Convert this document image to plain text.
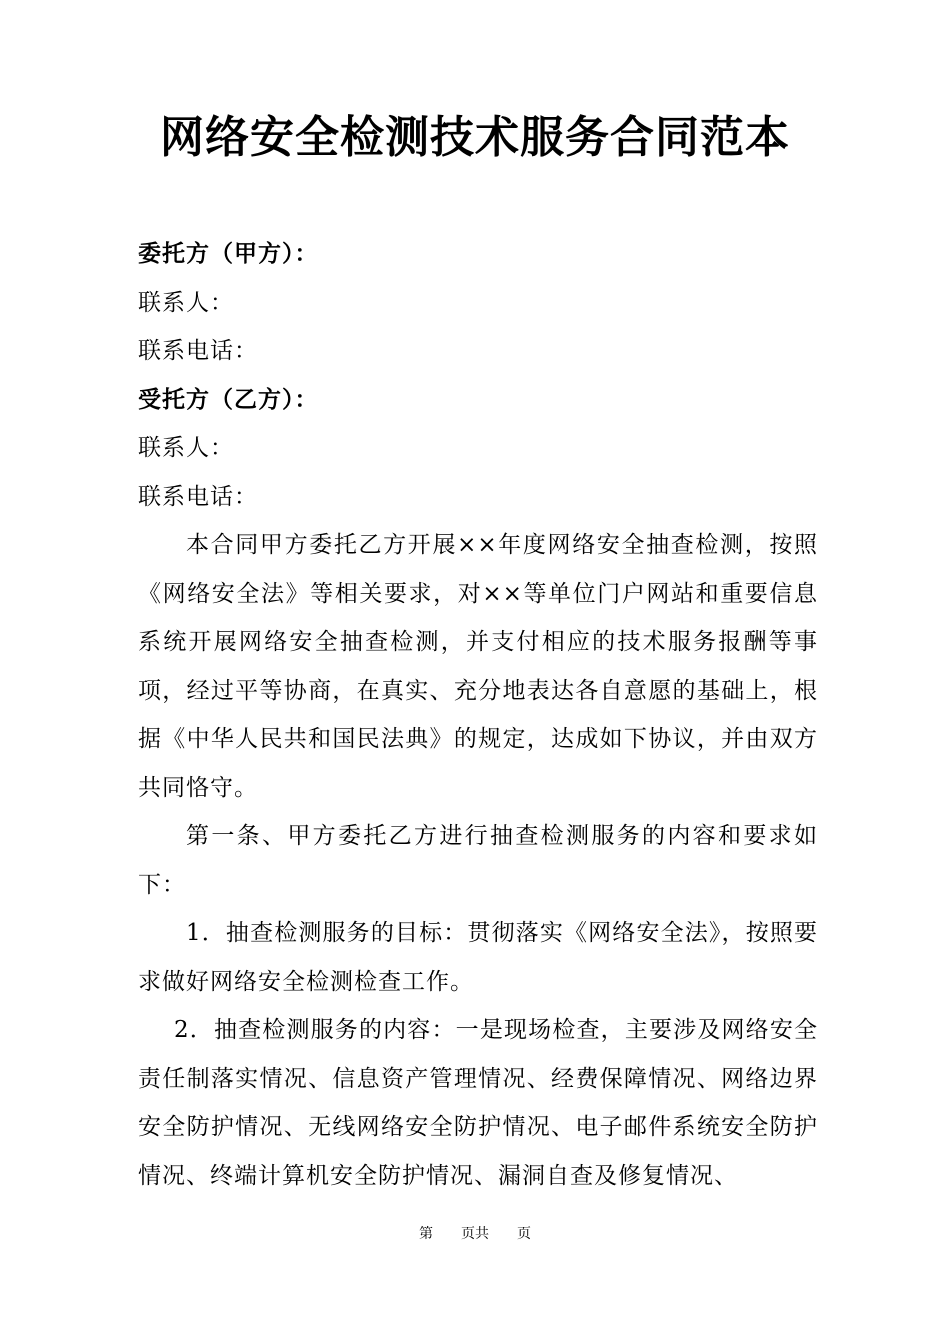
网络安全检测技术服务合同范本

委托方（甲方）：

联系人：

联系电话：

受托方（乙方）：

联系人：

联系电话：

本合同甲方委托乙方开展××年度网络安全抽查检测，按照《网络安全法》等相关要求，对××等单位门户网站和重要信息系统开展网络安全抽查检测，并支付相应的技术服务报酬等事项，经过平等协商，在真实、充分地表达各自意愿的基础上，根据《中华人民共和国民法典》的规定，达成如下协议，并由双方共同恪守。

第一条、甲方委托乙方进行抽查检测服务的内容和要求如下：

1．抽查检测服务的目标：贯彻落实《网络安全法》，按照要求做好网络安全检测检查工作。

2．抽查检测服务的内容：一是现场检查，主要涉及网络安全责任制落实情况、信息资产管理情况、经费保障情况、网络边界安全防护情况、无线网络安全防护情况、电子邮件系统安全防护情况、终端计算机安全防护情况、漏洞自查及修复情况、

第 页共 页
